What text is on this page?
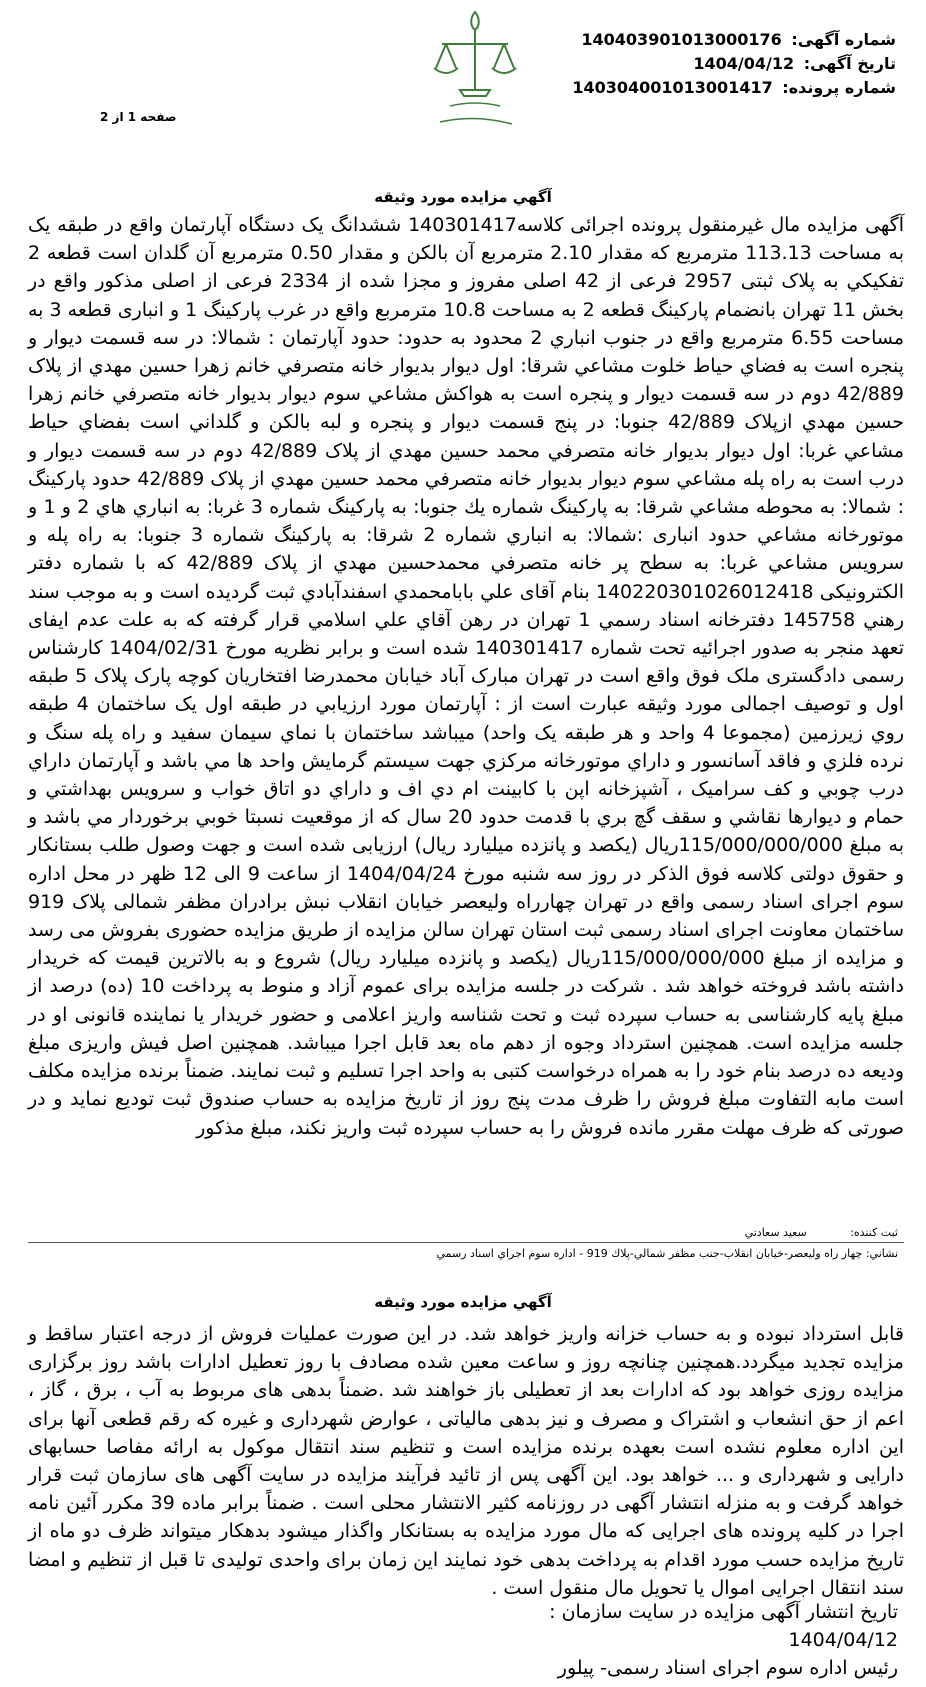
شماره آگهی: 140403901013000176
تاریخ آگهی: 1404/04/12
شماره پرونده: 140304001013001417
صفحه 1 از 2
آگهي مزايده مورد وثيقه
آگهی مزایده مال غیرمنقول پرونده اجرائی کلاسه140301417 ششدانگ یک دستگاه آپارتمان واقع در طبقه یک به مساحت 113.13 مترمربع که مقدار 2.10 مترمربع آن بالکن و مقدار 0.50 مترمربع آن گلدان است قطعه 2 تفکيکي به پلاک ثبتی 2957 فرعی از 42 اصلی مفروز و مجزا شده از 2334 فرعی از اصلی مذکور واقع در بخش 11 تهران بانضمام پارکینگ قطعه 2 به مساحت 10.8 مترمربع واقع در غرب پارکینگ 1 و انباری قطعه 3 به مساحت 6.55 مترمربع واقع در جنوب انباري 2 محدود به حدود: حدود آپارتمان : شمالا: در سه قسمت ديوار و پنجره است به فضاي حياط خلوت مشاعي شرقا: اول ديوار بديوار خانه متصرفي خانم زهرا حسين مهدي از پلاک 42/889 دوم در سه قسمت ديوار و پنجره است به هواکش مشاعي سوم ديوار بديوار خانه متصرفي خانم زهرا حسين مهدي ازپلاک 42/889 جنوبا: در پنج قسمت ديوار و پنجره و لبه بالکن و گلداني است بفضاي حياط مشاعي غربا: اول ديوار بديوار خانه متصرفي محمد حسين مهدي از پلاک 42/889 دوم در سه قسمت ديوار و درب است به راه پله مشاعي سوم ديوار بديوار خانه متصرفي محمد حسين مهدي از پلاک 42/889 حدود پارکينگ : شمالا: به محوطه مشاعي شرقا: به پارکينگ شماره يك جنوبا: به پارکينگ شماره 3 غربا: به انباري هاي 2 و 1 و موتورخانه مشاعي حدود انباری :شمالا: به انباري شماره 2 شرقا: به پارکينگ شماره 3 جنوبا: به راه پله و سرويس مشاعي غربا: به سطح پر خانه متصرفي محمدحسين مهدي از پلاک 42/889 که با شماره دفتر الکترونیکی 140220301026012418 بنام آقای علي بابامحمدي اسفندآبادي ثبت گرديده است و به موجب سند رهني 145758 دفترخانه اسناد رسمي 1 تهران در رهن آقاي علي اسلامي قرار گرفته که به علت عدم ایفای تعهد منجر به صدور اجرائیه تحت شماره 140301417 شده است و برابر نظریه مورخ 1404/02/31 کارشناس رسمی دادگستری ملک فوق واقع است در تهران مبارک آباد خیابان محمدرضا افتخاريان کوچه پارک پلاک 5 طبقه اول و توصيف اجمالی مورد وثيقه عبارت است از : آپارتمان مورد ارزيابي در طبقه اول يک ساختمان 4 طبقه روي زيرزمين (مجموعا 4 واحد و هر طبقه يک واحد) ميباشد ساختمان با نماي سيمان سفيد و راه پله سنگ و نرده فلزي و فاقد آسانسور و داراي موتورخانه مرکزي جهت سيستم گرمايش واحد ها مي باشد و آپارتمان داراي درب چوبي و کف سراميک ، آشپزخانه اپن با کابينت ام دي اف و داراي دو اتاق خواب و سرويس بهداشتي و حمام و ديوارها نقاشي و سقف گچ بري با قدمت حدود 20 سال که از موقعيت نسبتا خوبي برخوردار مي باشد و به مبلغ 115/000/000/000ريال (يكصد و پانزده ميليارد ريال) ارزيابی شده است و جهت وصول طلب بستانکار و حقوق دولتی کلاسه فوق الذکر در روز سه شنبه مورخ 1404/04/24 از ساعت 9 الی 12 ظهر در محل اداره سوم اجرای اسناد رسمی واقع در تهران چهارراه وليعصر خيابان انقلاب نبش برادران مظفر شمالی پلاک 919 ساختمان معاونت اجرای اسناد رسمی ثبت استان تهران سالن مزايده از طريق مزايده حضوری بفروش می رسد و مزايده از مبلغ 115/000/000/000ريال (يكصد و پانزده ميليارد ريال) شروع و به بالاترين قيمت که خريدار داشته باشد فروخته خواهد شد . شرکت در جلسه مزايده برای عموم آزاد و منوط به پرداخت 10 (ده) درصد از مبلغ پايه کارشناسی به حساب سپرده ثبت و تحت شناسه واريز اعلامی و حضور خريدار يا نماينده قانونی او در جلسه مزايده است. همچنين استرداد وجوه از دهم ماه بعد قابل اجرا ميباشد. همچنين اصل فيش واريزی مبلغ وديعه ده درصد بنام خود را به همراه درخواست کتبی به واحد اجرا تسليم و ثبت نمايند. ضمناً برنده مزايده مکلف است مابه التفاوت مبلغ فروش را ظرف مدت پنج روز از تاريخ مزايده به حساب صندوق ثبت توديع نمايد و در صورتی که ظرف مهلت مقرر مانده فروش را به حساب سپرده ثبت واريز نکند، مبلغ مذکور
ثبت كننده: سعيد سعادتي
نشاني: چهار راه وليعصر-خيابان انقلاب-جنب مظفر شمالي-پلاك 919 - اداره سوم اجراي اسناد رسمي
آگهي مزايده مورد وثيقه
قابل استرداد نبوده و به حساب خزانه واريز خواهد شد. در اين صورت عمليات فروش از درجه اعتبار ساقط و مزايده تجديد ميگردد.همچنين چنانچه روز و ساعت معين شده مصادف با روز تعطيل ادارات باشد روز برگزاری مزايده روزی خواهد بود که ادارات بعد از تعطيلی باز خواهند شد .ضمناً بدهی های مربوط به آب ، برق ، گاز ، اعم از حق انشعاب و اشتراک و مصرف و نيز بدهی مالياتی ، عوارض شهرداری و غيره که رقم قطعی آنها برای اين اداره معلوم نشده است بعهده برنده مزايده است و تنظيم سند انتقال موکول به ارائه مفاصا حسابهای دارايی و شهرداری و ... خواهد بود. اين آگهی پس از تائيد فرآيند مزايده در سايت آگهی های سازمان ثبت قرار خواهد گرفت و به منزله انتشار آگهی در روزنامه کثير الانتشار محلی است . ضمناً برابر ماده 39 مکرر آئين نامه اجرا در کليه پرونده های اجرايی که مال مورد مزايده به بستانکار واگذار ميشود بدهکار ميتواند ظرف دو ماه از تاريخ مزايده حسب مورد اقدام به پرداخت بدهی خود نمايند اين زمان برای واحدی توليدی تا قبل از تنظيم و امضا سند انتقال اجرايی اموال يا تحويل مال منقول است .
تاريخ انتشار آگهی مزايده در سايت سازمان :
1404/04/12
رئيس اداره سوم اجرای اسناد رسمی- پيلور
